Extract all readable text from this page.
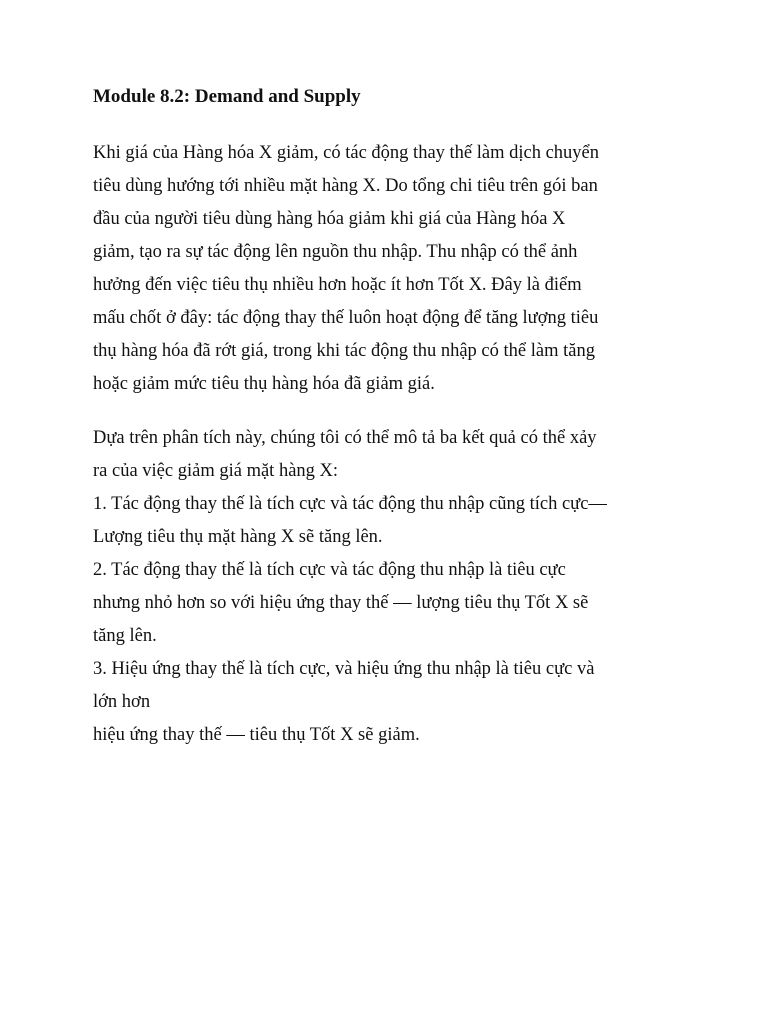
Module 8.2: Demand and Supply

Khi giá của Hàng hóa X giảm, có tác động thay thế làm dịch chuyển

tiêu dùng hướng tới nhiều mặt hàng X. Do tổng chi tiêu trên gói ban

đầu của người tiêu dùng hàng hóa giảm khi giá của Hàng hóa X

giảm, tạo ra sự tác động lên nguồn thu nhập. Thu nhập có thể ảnh

hưởng đến việc tiêu thụ nhiều hơn hoặc ít hơn Tốt X. Đây là điểm

mấu chốt ở đây: tác động thay thế luôn hoạt động để tăng lượng tiêu

thụ hàng hóa đã rớt giá, trong khi tác động thu nhập có thể làm tăng

hoặc giảm mức tiêu thụ hàng hóa đã giảm giá.

Dựa trên phân tích này, chúng tôi có thể mô tả ba kết quả có thể xảy

ra của việc giảm giá mặt hàng X:

1. Tác động thay thế là tích cực và tác động thu nhập cũng tích cực—

Lượng tiêu thụ mặt hàng X sẽ tăng lên.

2. Tác động thay thế là tích cực và tác động thu nhập là tiêu cực

nhưng nhỏ hơn so với hiệu ứng thay thế — lượng tiêu thụ Tốt X sẽ

tăng lên.

3. Hiệu ứng thay thế là tích cực, và hiệu ứng thu nhập là tiêu cực và

lớn hơn

hiệu ứng thay thế — tiêu thụ Tốt X sẽ giảm.
